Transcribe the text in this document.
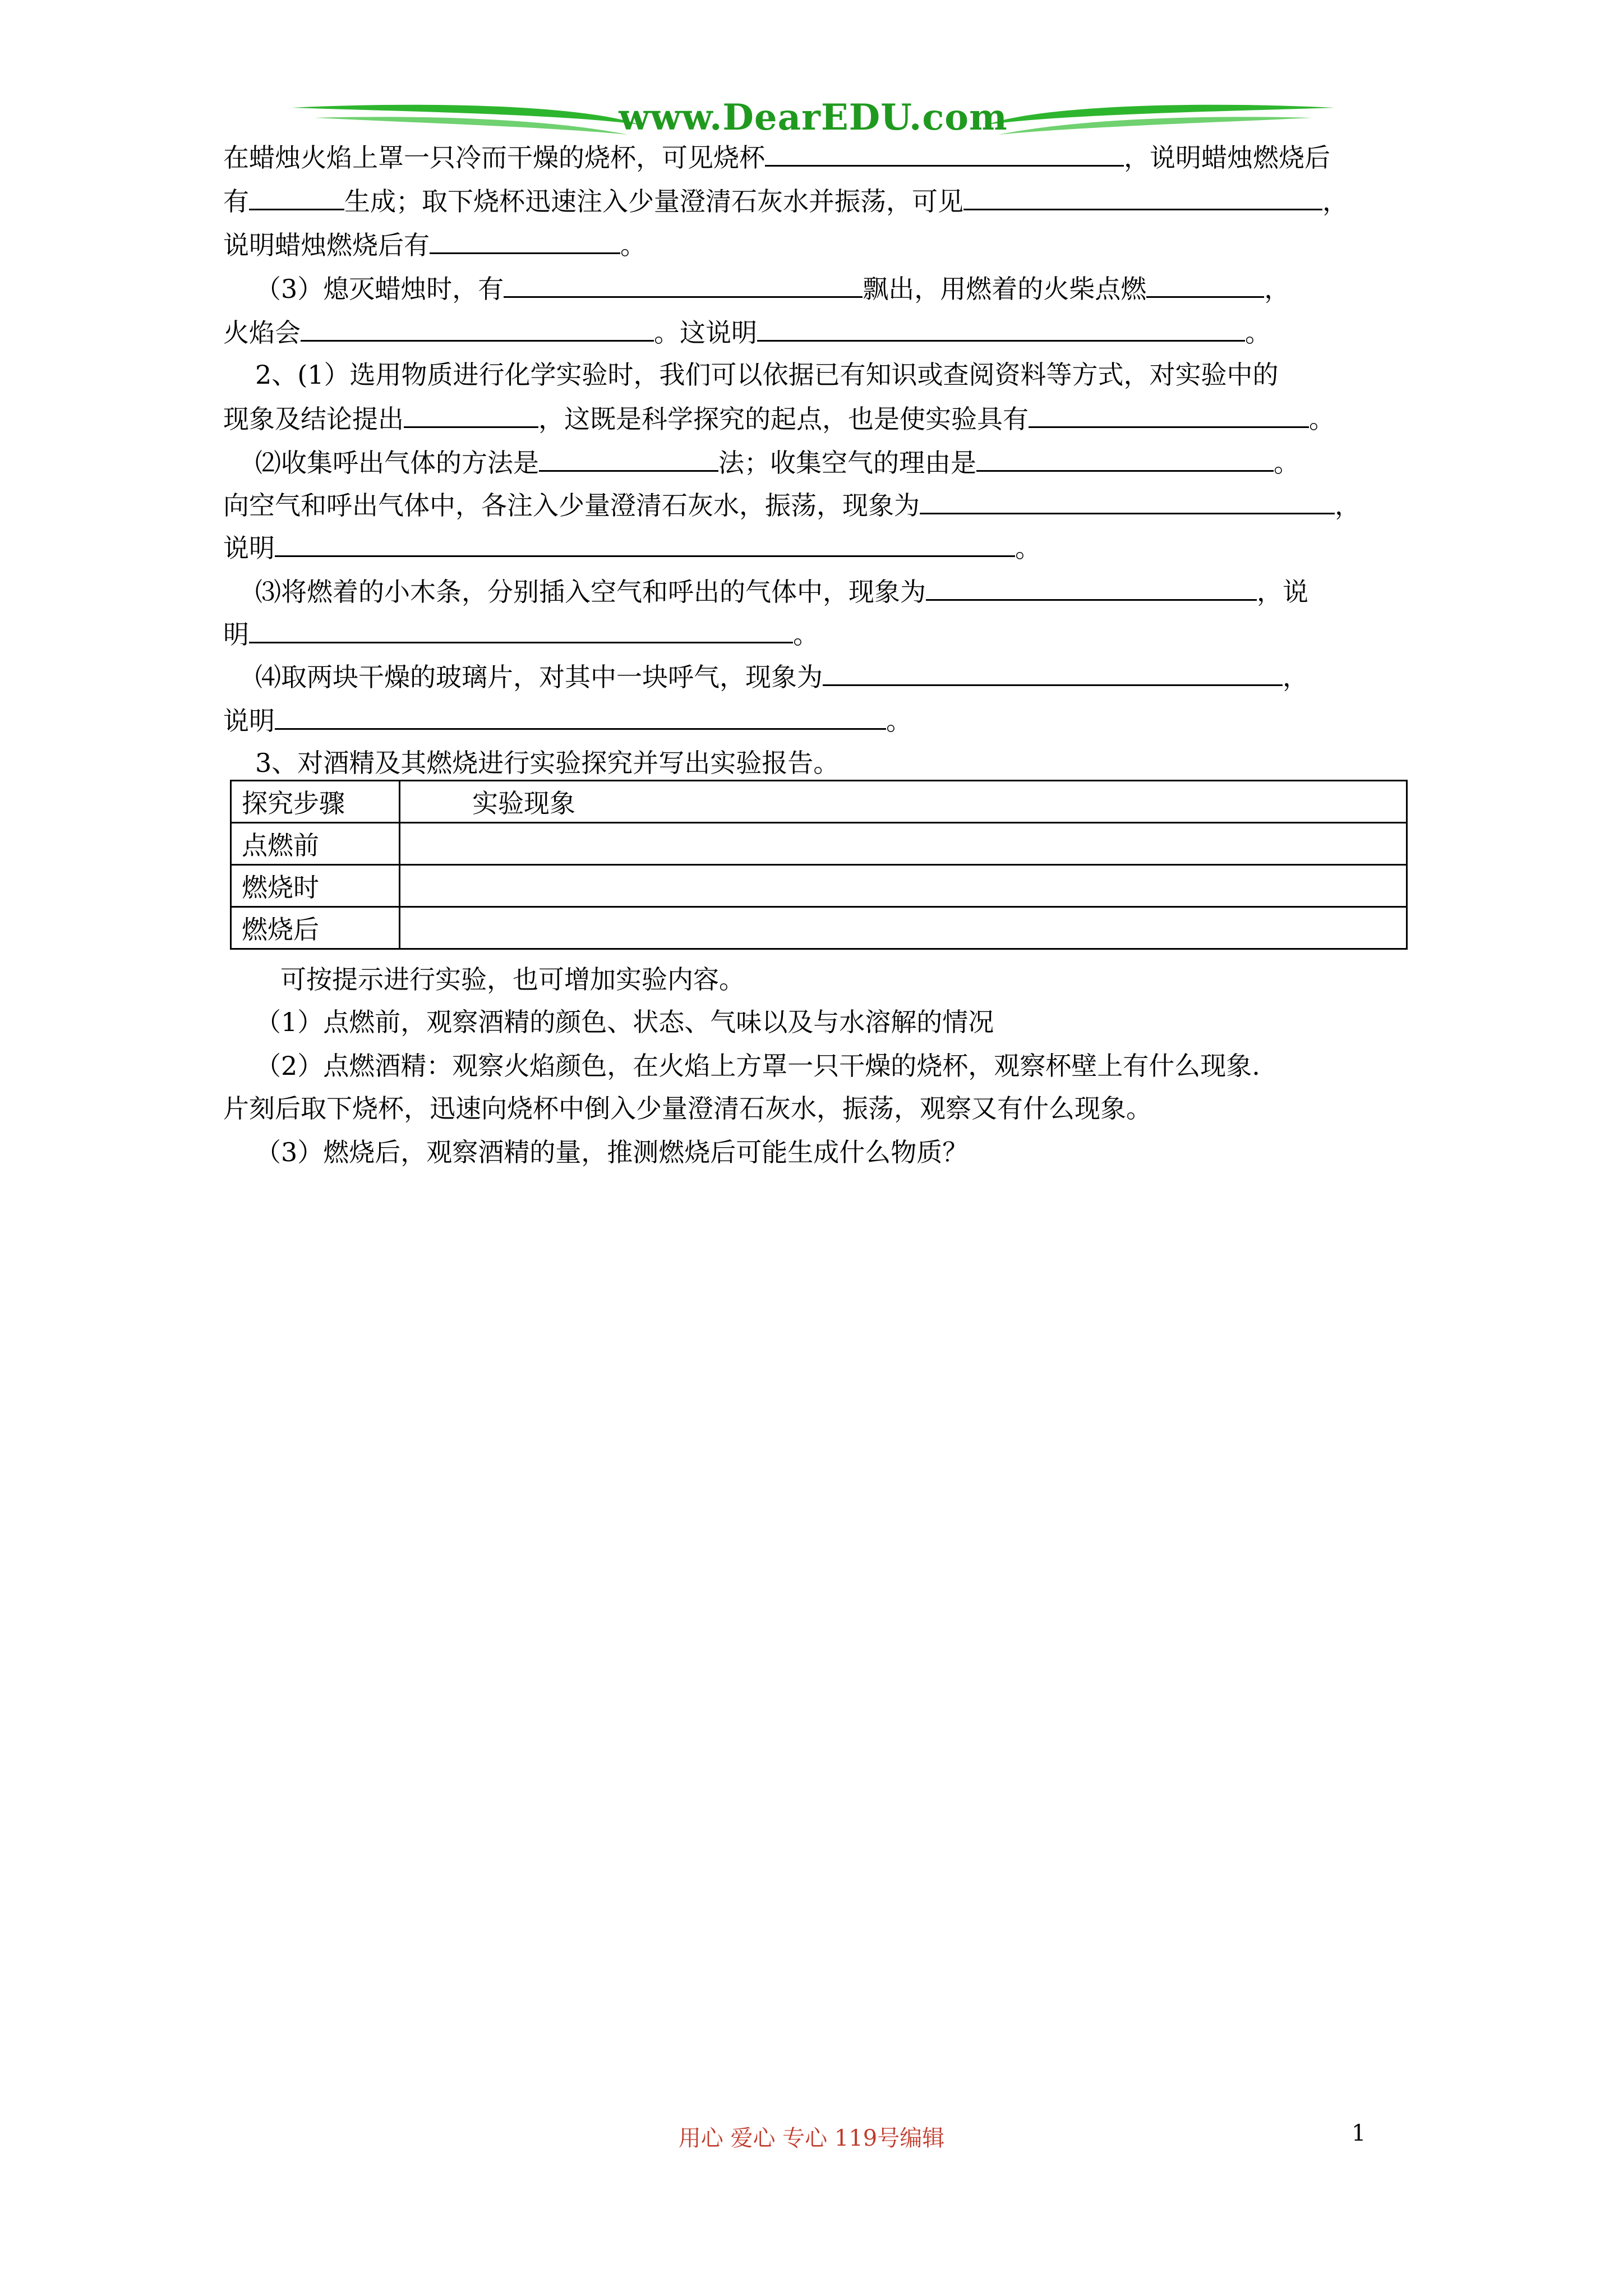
www.DearEDU.com
在蜡烛火焰上罩一只冷而干燥的烧杯，可见烧杯	，说明蜡烛燃烧后
有	生成；取下烧杯迅速注入少量澄清石灰水并振荡，可见	，
说明蜡烛燃烧后有	。
（3）熄灭蜡烛时，有	飘出，用燃着的火柴点燃	，
火焰会	。这说明	。
2、(1）选用物质进行化学实验时，我们可以依据已有知识或查阅资料等方式，对实验中的
现象及结论提出	，这既是科学探究的起点，也是使实验具有	。
⑵收集呼出气体的方法是	法；收集空气的理由是	。
向空气和呼出气体中，各注入少量澄清石灰水，振荡，现象为	，
说明	。
⑶将燃着的小木条，分别插入空气和呼出的气体中，现象为	，说
明	。
⑷取两块干燥的玻璃片，对其中一块呼气，现象为	，
说明	。
3、对酒精及其燃烧进行实验探究并写出实验报告。
探究步骤	实验现象
点燃前	
燃烧时	
燃烧后	
可按提示进行实验，也可增加实验内容。
（1）点燃前，观察酒精的颜色、状态、气味以及与水溶解的情况
（2）点燃酒精：观察火焰颜色，在火焰上方罩一只干燥的烧杯，观察杯壁上有什么现象.
片刻后取下烧杯，迅速向烧杯中倒入少量澄清石灰水，振荡，观察又有什么现象。
（3）燃烧后，观察酒精的量，推测燃烧后可能生成什么物质？
用心 爱心 专心 119号编辑	1
